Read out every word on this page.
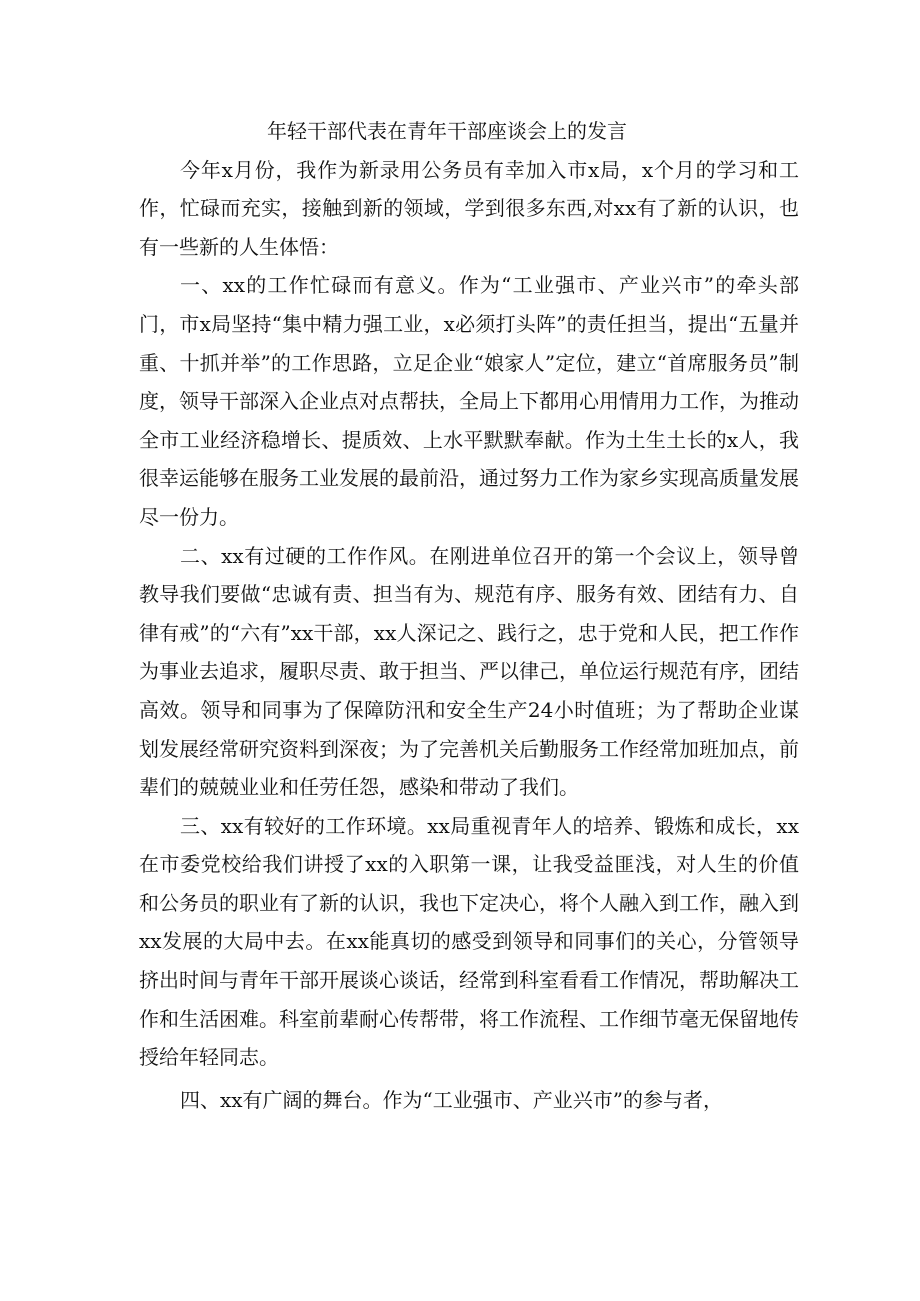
年轻干部代表在青年干部座谈会上的发言

今年x月份，我作为新录用公务员有幸加入市x局，x个月的学习和工作，忙碌而充实，接触到新的领域，学到很多东西,对xx有了新的认识，也有一些新的人生体悟：

一、xx的工作忙碌而有意义。作为“工业强市、产业兴市”的牵头部门，市x局坚持“集中精力强工业，x必须打头阵”的责任担当，提出“五量并重、十抓并举”的工作思路，立足企业“娘家人”定位，建立“首席服务员”制度，领导干部深入企业点对点帮扶，全局上下都用心用情用力工作，为推动全市工业经济稳增长、提质效、上水平默默奉献。作为土生土长的x人，我很幸运能够在服务工业发展的最前沿，通过努力工作为家乡实现高质量发展尽一份力。

二、xx有过硬的工作作风。在刚进单位召开的第一个会议上，领导曾教导我们要做“忠诚有责、担当有为、规范有序、服务有效、团结有力、自律有戒”的“六有”xx干部，xx人深记之、践行之，忠于党和人民，把工作作为事业去追求，履职尽责、敢于担当、严以律己，单位运行规范有序，团结高效。领导和同事为了保障防汛和安全生产24小时值班；为了帮助企业谋划发展经常研究资料到深夜；为了完善机关后勤服务工作经常加班加点，前辈们的兢兢业业和任劳任怨，感染和带动了我们。

三、xx有较好的工作环境。xx局重视青年人的培养、锻炼和成长，xx在市委党校给我们讲授了xx的入职第一课，让我受益匪浅，对人生的价值和公务员的职业有了新的认识，我也下定决心，将个人融入到工作，融入到xx发展的大局中去。在xx能真切的感受到领导和同事们的关心，分管领导挤出时间与青年干部开展谈心谈话，经常到科室看看工作情况，帮助解决工作和生活困难。科室前辈耐心传帮带，将工作流程、工作细节毫无保留地传授给年轻同志。

四、xx有广阔的舞台。作为“工业强市、产业兴市”的参与者，
